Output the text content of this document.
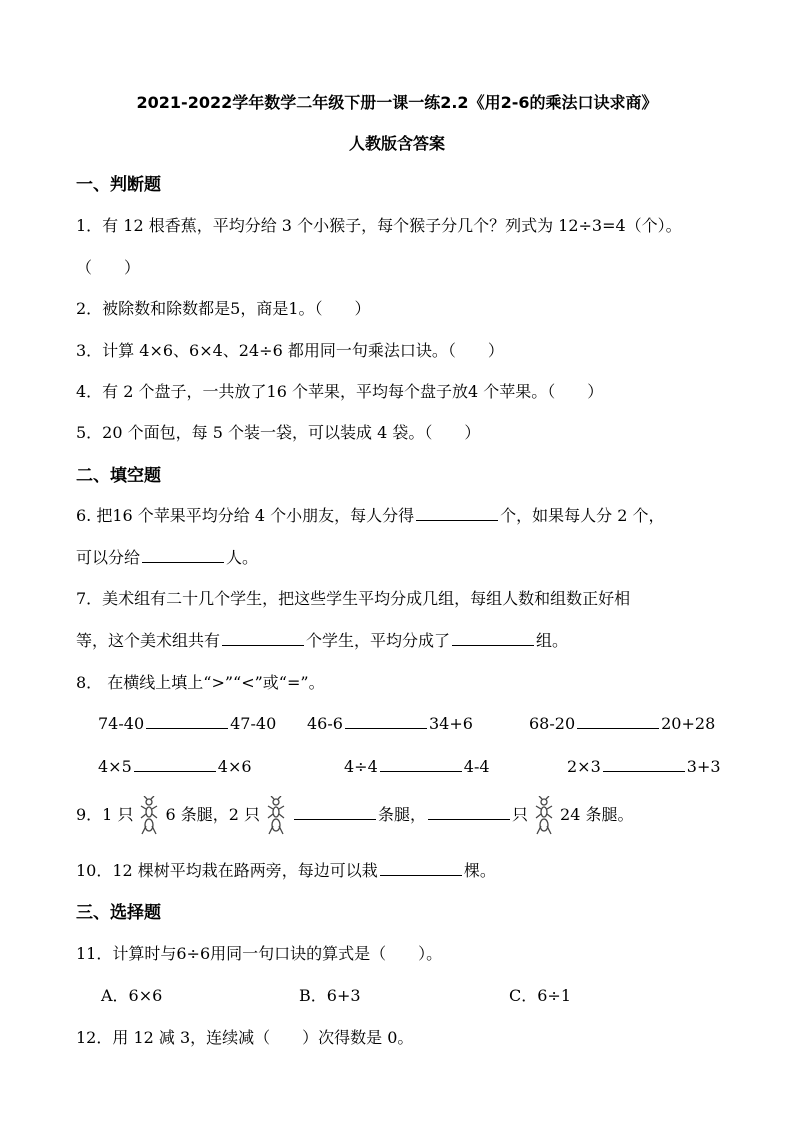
2021-2022学年数学二年级下册一课一练2.2《用2-6的乘法口诀求商》
人教版含答案
一、判断题
1．有 12 根香蕉，平均分给 3 个小猴子，每个猴子分几个？列式为 12÷3=4（个）。
（　　）
2．被除数和除数都是5，商是1。（　　）
3．计算 4×6、6×4、24÷6 都用同一句乘法口诀。（　　）
4．有 2 个盘子，一共放了16 个苹果，平均每个盘子放4 个苹果。（　　）
5．20 个面包，每 5 个装一袋，可以装成 4 袋。（　　）
二、填空题
6. 把16 个苹果平均分给 4 个小朋友，每人分得	个，如果每人分 2 个，
可以分给	人。
7．美术组有二十几个学生，把这些学生平均分成几组，每组人数和组数正好相
等，这个美术组共有	个学生，平均分成了	组。
8． 在横线上填上“>”“<”或“=”。
74-40	47-40 46-6	34+6	68-20	20+28
4×5	4×6	4÷4	4-4	2×3	3+3
9．1 只 6 条腿，2 只	条腿，	只 24 条腿。
10．12 棵树平均栽在路两旁，每边可以栽	棵。
三、选择题
11．计算时与6÷6用同一句口诀的算式是（　　）。
A．6×6	B．6+3	C．6÷1
12．用 12 减 3，连续减（　　）次得数是 0。
